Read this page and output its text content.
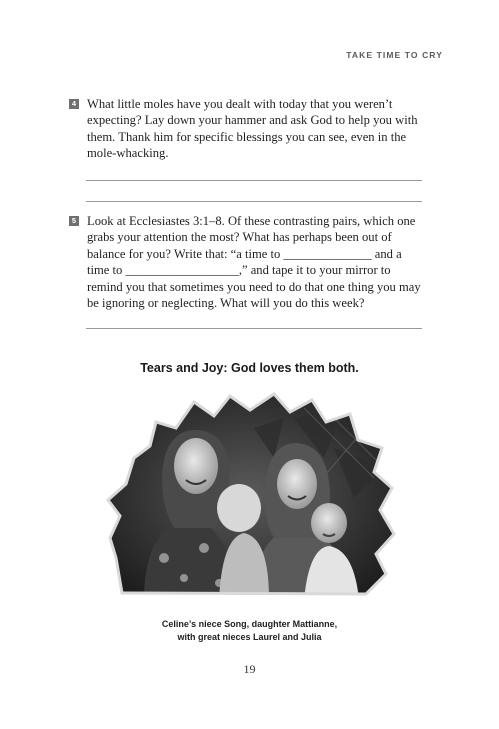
TAKE TIME TO CRY
4 What little moles have you dealt with today that you weren’t expecting? Lay down your hammer and ask God to help you with them. Thank him for specific blessings you can see, even in the mole-whacking.
5 Look at Ecclesiastes 3:1–8. Of these contrasting pairs, which one grabs your attention the most? What has perhaps been out of balance for you? Write that: “a time to ______________ and a time to __________________,” and tape it to your mirror to remind you that sometimes you need to do that one thing you may be ignoring or neglecting. What will you do this week?
Tears and Joy: God loves them both.
Celine’s niece Song, daughter Mattianne,
with great nieces Laurel and Julia
19
